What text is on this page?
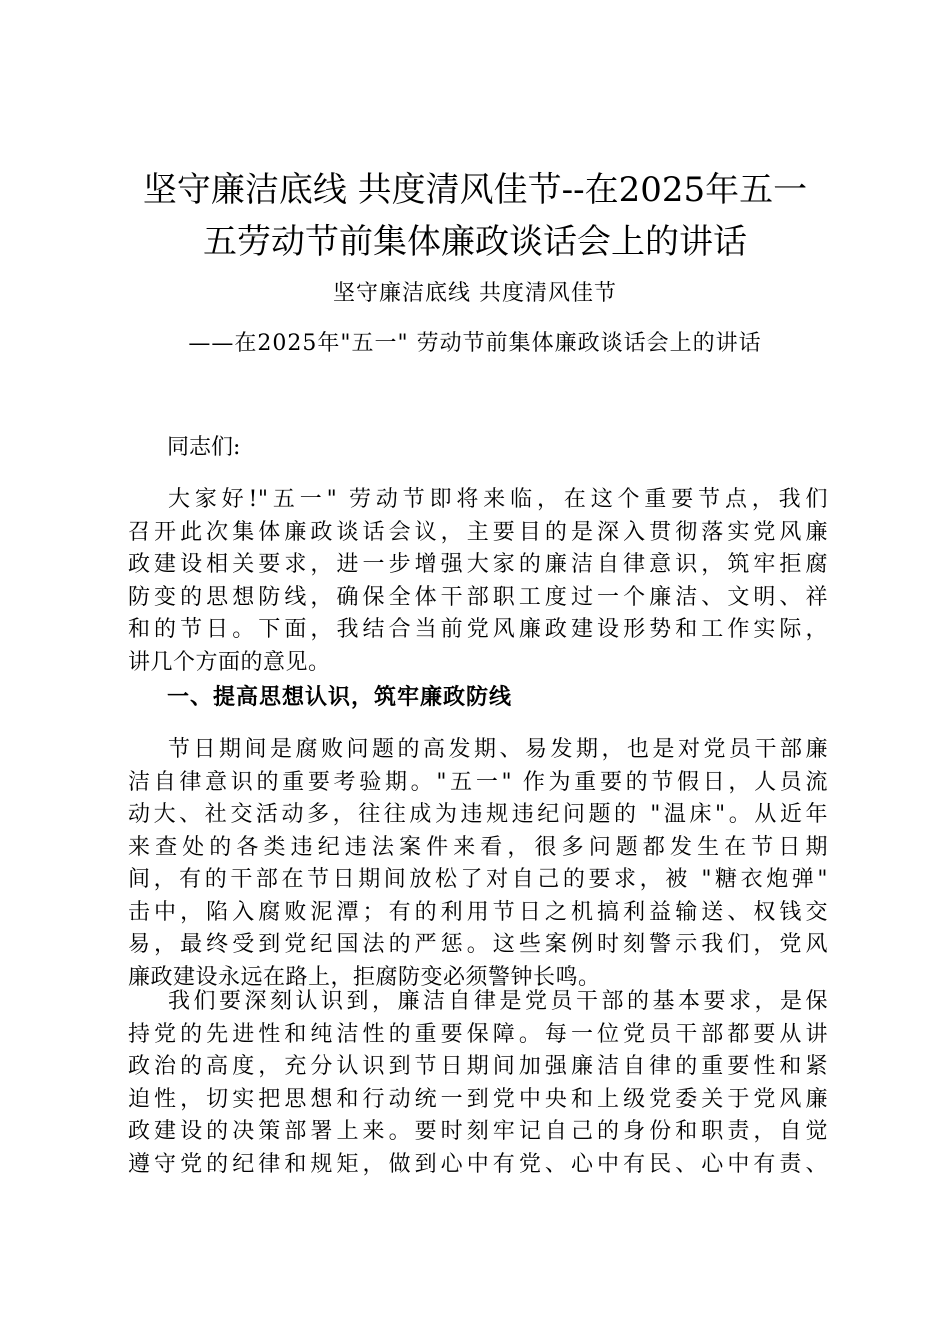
坚守廉洁底线 共度清风佳节--在2025年五一
五劳动节前集体廉政谈话会上的讲话

坚守廉洁底线 共度清风佳节

——在2025年"五一" 劳动节前集体廉政谈话会上的讲话

同志们:

大家好!"五一" 劳动节即将来临，在这个重要节点，我们
召开此次集体廉政谈话会议，主要目的是深入贯彻落实党风廉
政建设相关要求，进一步增强大家的廉洁自律意识，筑牢拒腐
防变的思想防线，确保全体干部职工度过一个廉洁、文明、祥
和的节日。下面，我结合当前党风廉政建设形势和工作实际，
讲几个方面的意见。
一、提高思想认识，筑牢廉政防线
节日期间是腐败问题的高发期、易发期，也是对党员干部廉
洁自律意识的重要考验期。"五一" 作为重要的节假日，人员流
动大、社交活动多，往往成为违规违纪问题的 "温床"。从近年
来查处的各类违纪违法案件来看，很多问题都发生在节日期
间，有的干部在节日期间放松了对自己的要求，被 "糖衣炮弹"
击中，陷入腐败泥潭；有的利用节日之机搞利益输送、权钱交
易，最终受到党纪国法的严惩。这些案例时刻警示我们，党风
廉政建设永远在路上，拒腐防变必须警钟长鸣。
我们要深刻认识到，廉洁自律是党员干部的基本要求，是保
持党的先进性和纯洁性的重要保障。每一位党员干部都要从讲
政治的高度，充分认识到节日期间加强廉洁自律的重要性和紧
迫性，切实把思想和行动统一到党中央和上级党委关于党风廉
政建设的决策部署上来。要时刻牢记自己的身份和职责，自觉
遵守党的纪律和规矩，做到心中有党、心中有民、心中有责、
